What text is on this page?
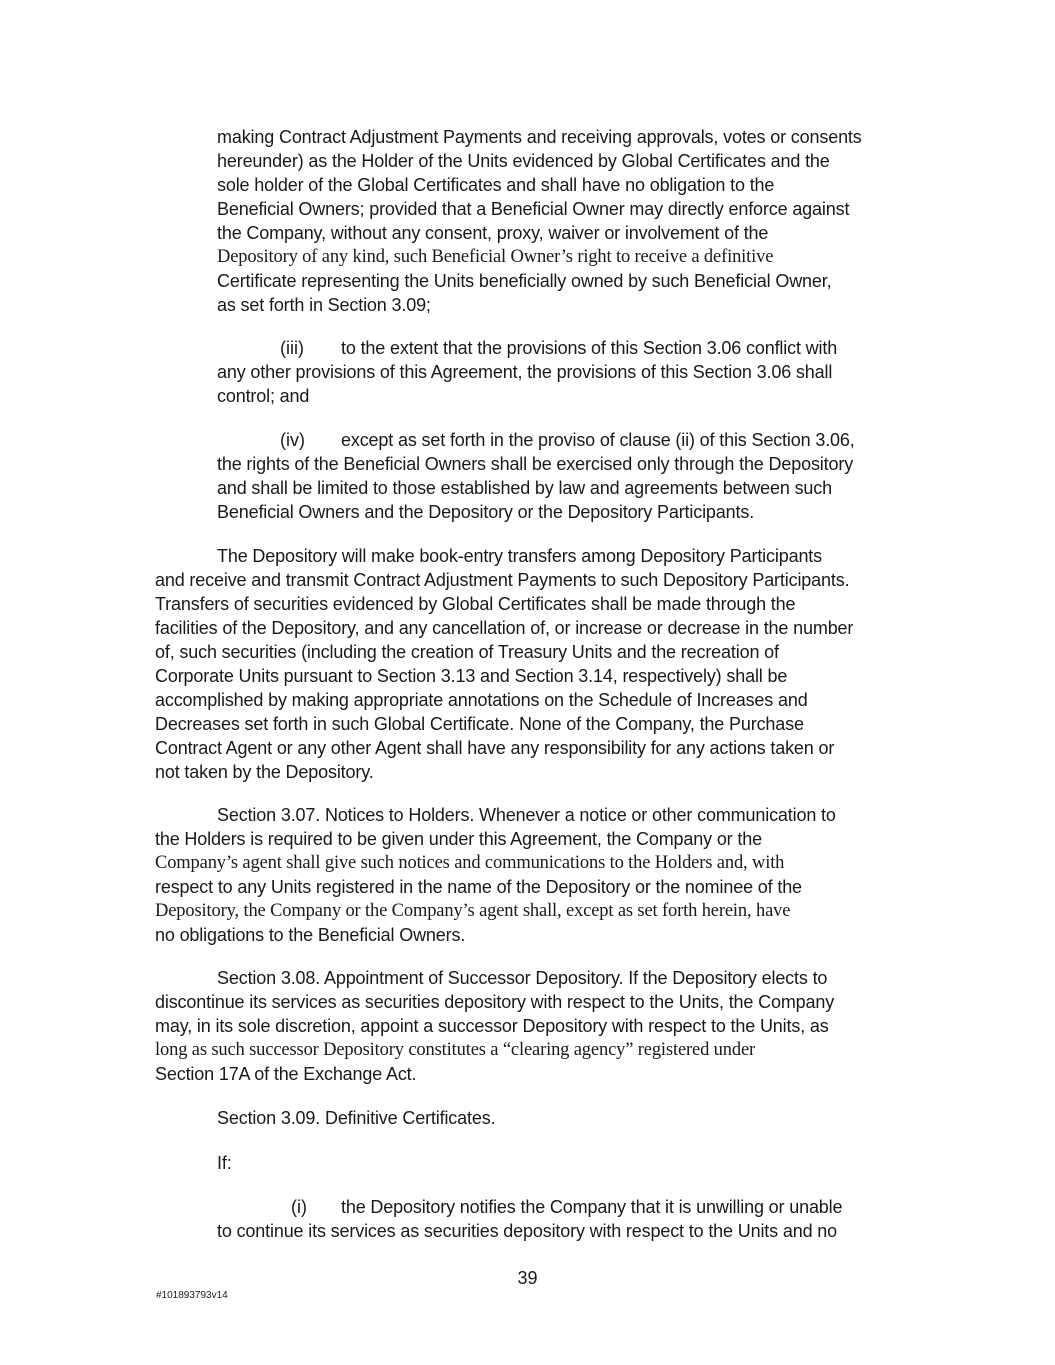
making Contract Adjustment Payments and receiving approvals, votes or consents
hereunder) as the Holder of the Units evidenced by Global Certificates and the
sole holder of the Global Certificates and shall have no obligation to the
Beneficial Owners; provided that a Beneficial Owner may directly enforce against
the Company, without any consent, proxy, waiver or involvement of the
Depository of any kind, such Beneficial Owner’s right to receive a definitive
Certificate representing the Units beneficially owned by such Beneficial Owner,
as set forth in Section 3.09;
(iii) to the extent that the provisions of this Section 3.06 conflict with
any other provisions of this Agreement, the provisions of this Section 3.06 shall
control; and
(iv) except as set forth in the proviso of clause (ii) of this Section 3.06,
the rights of the Beneficial Owners shall be exercised only through the Depository
and shall be limited to those established by law and agreements between such
Beneficial Owners and the Depository or the Depository Participants.
The Depository will make book-entry transfers among Depository Participants
and receive and transmit Contract Adjustment Payments to such Depository Participants.
Transfers of securities evidenced by Global Certificates shall be made through the
facilities of the Depository, and any cancellation of, or increase or decrease in the number
of, such securities (including the creation of Treasury Units and the recreation of
Corporate Units pursuant to Section 3.13 and Section 3.14, respectively) shall be
accomplished by making appropriate annotations on the Schedule of Increases and
Decreases set forth in such Global Certificate. None of the Company, the Purchase
Contract Agent or any other Agent shall have any responsibility for any actions taken or
not taken by the Depository.
Section 3.07. Notices to Holders. Whenever a notice or other communication to
the Holders is required to be given under this Agreement, the Company or the
Company’s agent shall give such notices and communications to the Holders and, with
respect to any Units registered in the name of the Depository or the nominee of the
Depository, the Company or the Company’s agent shall, except as set forth herein, have
no obligations to the Beneficial Owners.
Section 3.08. Appointment of Successor Depository. If the Depository elects to
discontinue its services as securities depository with respect to the Units, the Company
may, in its sole discretion, appoint a successor Depository with respect to the Units, as
long as such successor Depository constitutes a “clearing agency” registered under
Section 17A of the Exchange Act.
Section 3.09. Definitive Certificates.
If:
(i) the Depository notifies the Company that it is unwilling or unable
to continue its services as securities depository with respect to the Units and no
39
#101893793v14
